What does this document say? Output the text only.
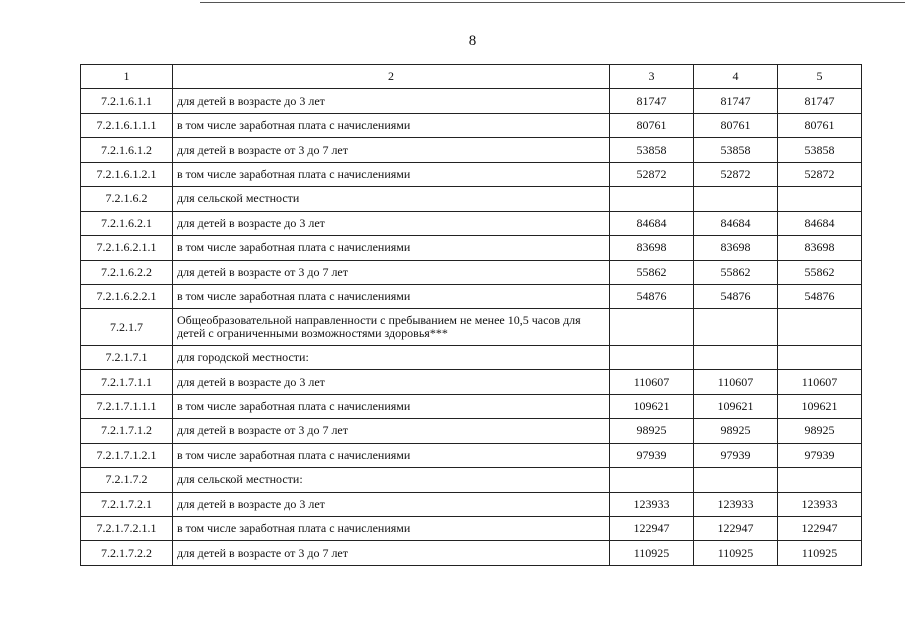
8
1	2	3	4	5
7.2.1.6.1.1	для детей в возрасте до 3 лет	81747	81747	81747
7.2.1.6.1.1.1	в том числе заработная плата с начислениями	80761	80761	80761
7.2.1.6.1.2	для детей в возрасте от 3 до 7 лет	53858	53858	53858
7.2.1.6.1.2.1	в том числе заработная плата с начислениями	52872	52872	52872
7.2.1.6.2	для сельской местности			
7.2.1.6.2.1	для детей в возрасте до 3 лет	84684	84684	84684
7.2.1.6.2.1.1	в том числе заработная плата с начислениями	83698	83698	83698
7.2.1.6.2.2	для детей в возрасте от 3 до 7 лет	55862	55862	55862
7.2.1.6.2.2.1	в том числе заработная плата с начислениями	54876	54876	54876
7.2.1.7	Общеобразовательной направленности с пребыванием не менее 10,5 часов для детей с ограниченными возможностями здоровья***			
7.2.1.7.1	для городской местности:			
7.2.1.7.1.1	для детей в возрасте до 3 лет	110607	110607	110607
7.2.1.7.1.1.1	в том числе заработная плата с начислениями	109621	109621	109621
7.2.1.7.1.2	для детей в возрасте от 3 до 7 лет	98925	98925	98925
7.2.1.7.1.2.1	в том числе заработная плата с начислениями	97939	97939	97939
7.2.1.7.2	для сельской местности:			
7.2.1.7.2.1	для детей в возрасте до 3 лет	123933	123933	123933
7.2.1.7.2.1.1	в том числе заработная плата с начислениями	122947	122947	122947
7.2.1.7.2.2	для детей в возрасте от 3 до 7 лет	110925	110925	110925
